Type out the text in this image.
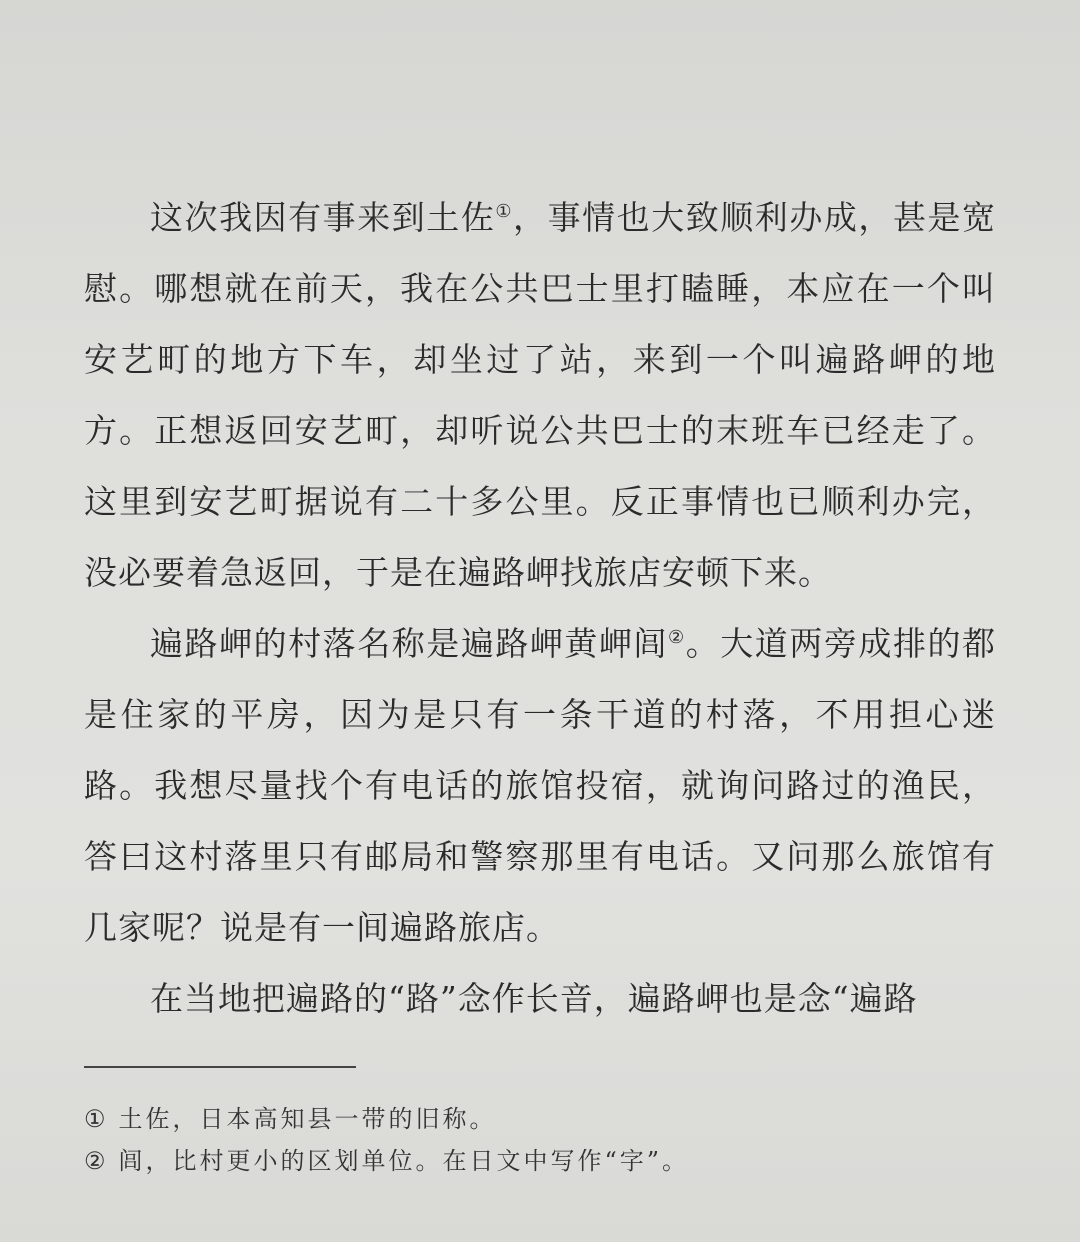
这次我因有事来到土佐①，事情也大致顺利办成，甚是宽慰。哪想就在前天，我在公共巴士里打瞌睡，本应在一个叫安艺町的地方下车，却坐过了站，来到一个叫遍路岬的地方。正想返回安艺町，却听说公共巴士的末班车已经走了。这里到安艺町据说有二十多公里。反正事情也已顺利办完，没必要着急返回，于是在遍路岬找旅店安顿下来。

遍路岬的村落名称是遍路岬黄岬闾②。大道两旁成排的都是住家的平房，因为是只有一条干道的村落，不用担心迷路。我想尽量找个有电话的旅馆投宿，就询问路过的渔民，答曰这村落里只有邮局和警察那里有电话。又问那么旅馆有几家呢？说是有一间遍路旅店。

在当地把遍路的“路”念作长音，遍路岬也是念“遍路

① 土佐，日本高知县一带的旧称。
② 闾，比村更小的区划单位。在日文中写作“字”。
